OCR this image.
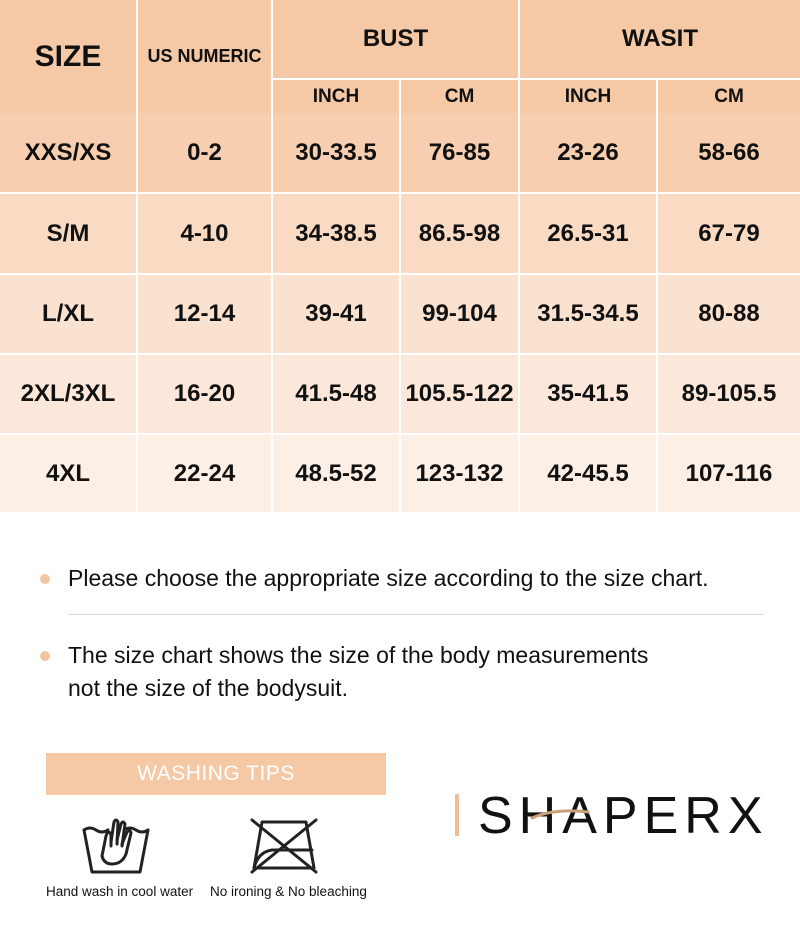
SIZE	US NUMERIC
BUST	WASIT
INCH	CM	INCH	CM
XXS/XS	0-2	30-33.5	76-85	23-26	58-66
S/M	4-10	34-38.5	86.5-98	26.5-31	67-79
L/XL	12-14	39-41	99-104	31.5-34.5	80-88
2XL/3XL	16-20	41.5-48	105.5-122	35-41.5	89-105.5
4XL	22-24	48.5-52	123-132	42-45.5	107-116
Please choose the appropriate size according to the size chart.
The size chart shows the size of the body measurements
not the size of the bodysuit.
WASHING TIPS
Hand wash in cool water No ironing & No bleaching
SHAPERX
